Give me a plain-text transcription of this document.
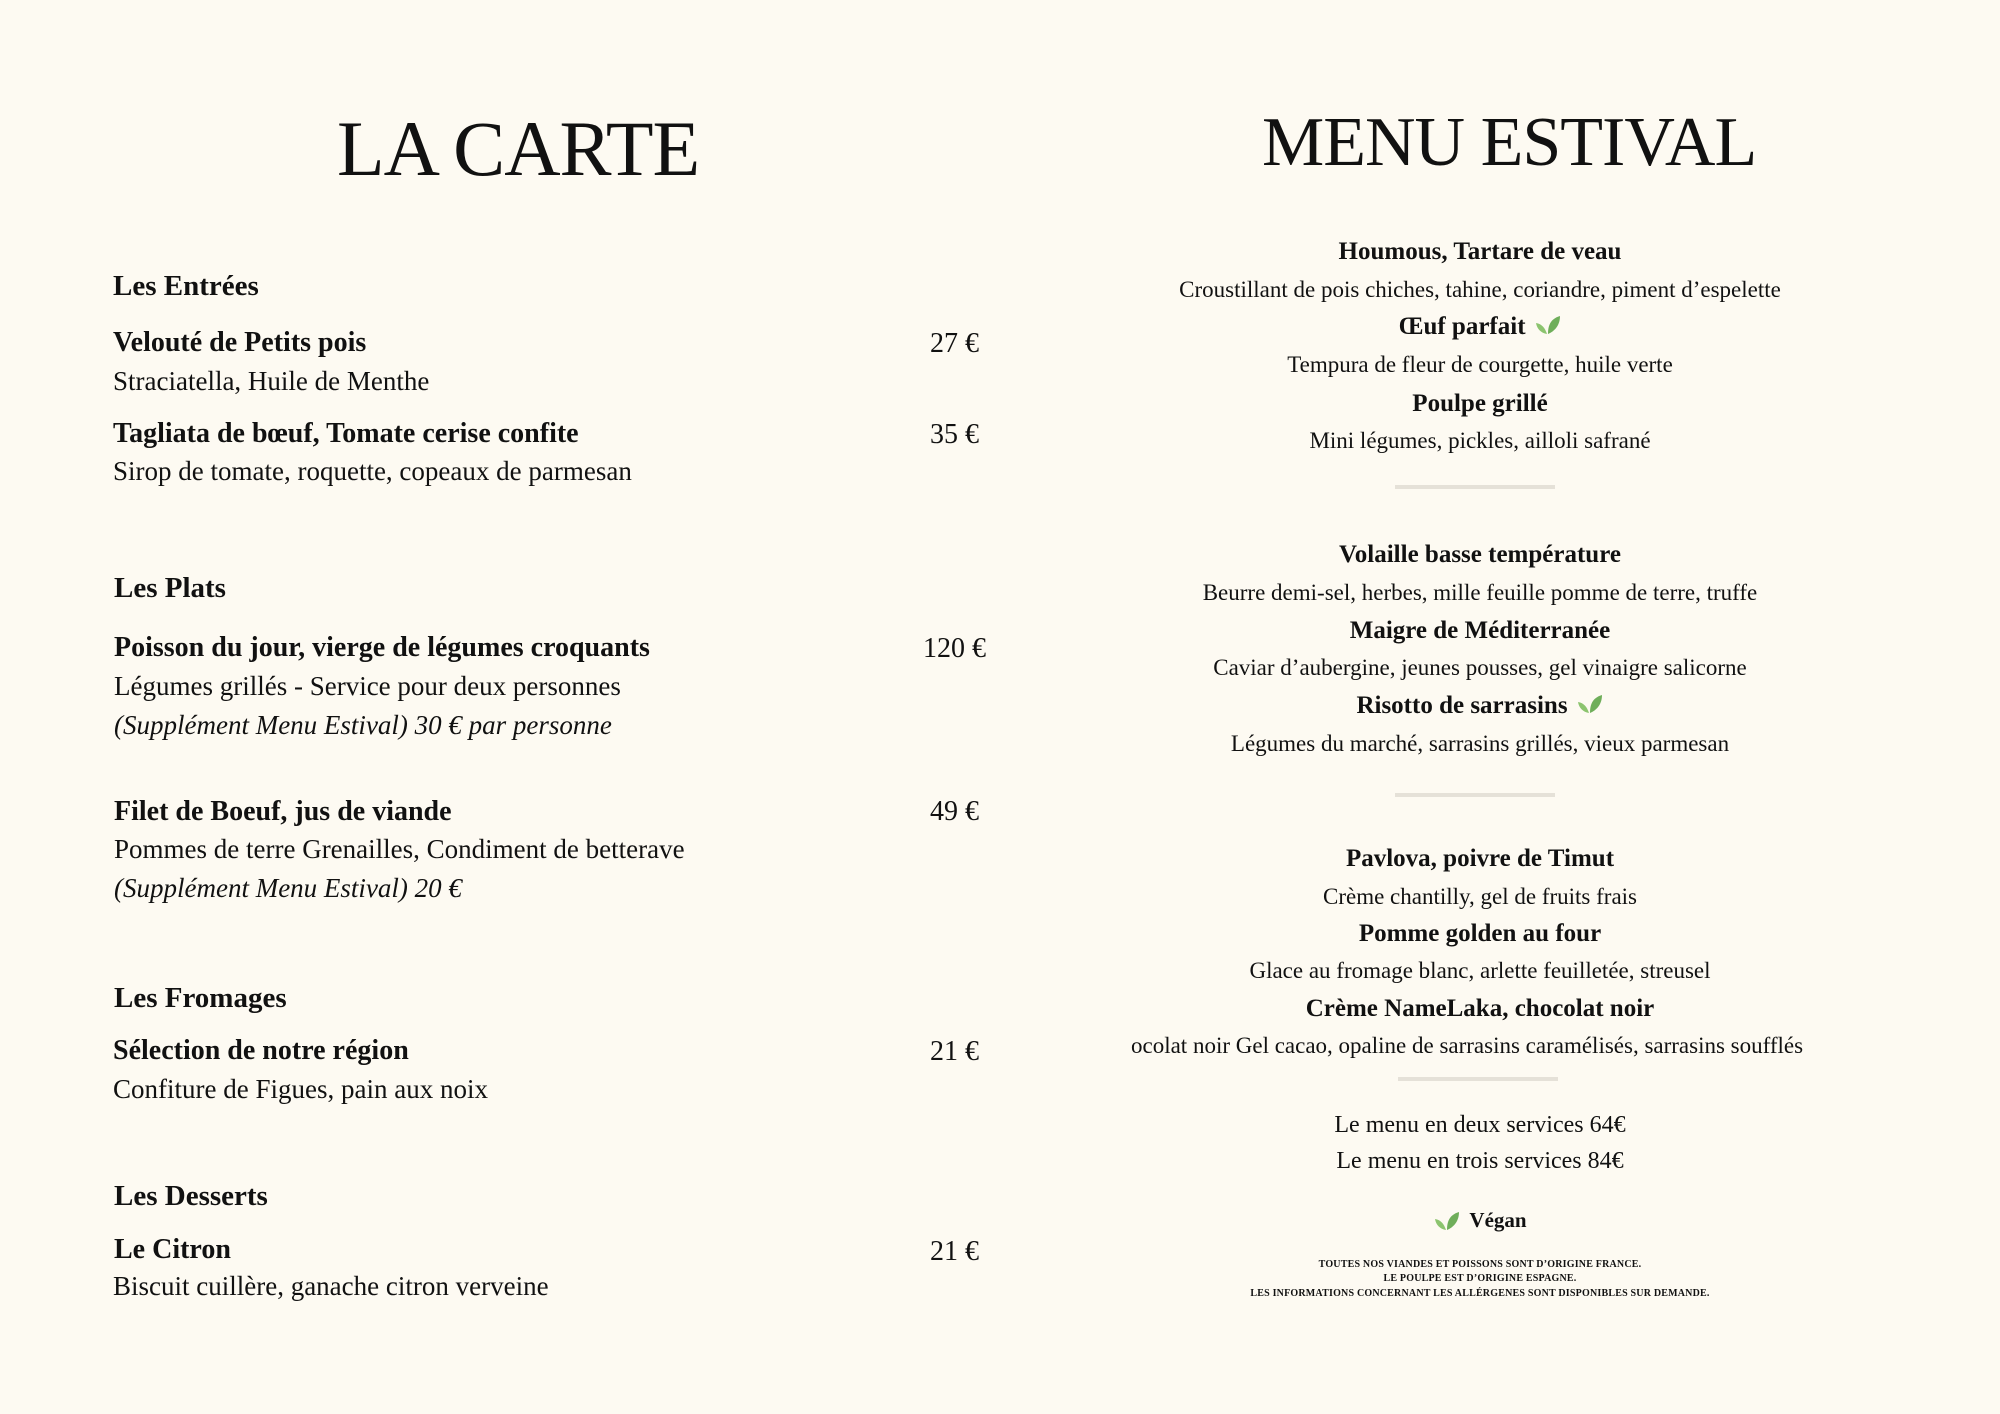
LA CARTE
Les Entrées
Velouté de Petits pois	27 €
Straciatella, Huile de Menthe
Tagliata de bœuf, Tomate cerise confite	35 €
Sirop de tomate, roquette, copeaux de parmesan
Les Plats
Poisson du jour, vierge de légumes croquants	120 €
Légumes grillés - Service pour deux personnes
(Supplément Menu Estival) 30 € par personne
Filet de Boeuf, jus de viande	49 €
Pommes de terre Grenailles, Condiment de betterave
(Supplément Menu Estival) 20 €
Les Fromages
Sélection de notre région	21 €
Confiture de Figues, pain aux noix
Les Desserts
Le Citron	21 €
Biscuit cuillère, ganache citron verveine
MENU ESTIVAL
Houmous, Tartare de veau
Croustillant de pois chiches, tahine, coriandre, piment d’espelette
Œuf parfait
Tempura de fleur de courgette, huile verte
Poulpe grillé
Mini légumes, pickles, ailloli safrané
Volaille basse température
Beurre demi-sel, herbes, mille feuille pomme de terre, truffe
Maigre de Méditerranée
Caviar d’aubergine, jeunes pousses, gel vinaigre salicorne
Risotto de sarrasins
Légumes du marché, sarrasins grillés, vieux parmesan
Pavlova, poivre de Timut
Crème chantilly, gel de fruits frais
Pomme golden au four
Glace au fromage blanc, arlette feuilletée, streusel
Crème NameLaka, chocolat noir
ocolat noir Gel cacao, opaline de sarrasins caramélisés, sarrasins soufflés
Le menu en deux services 64€
Le menu en trois services 84€
Végan
TOUTES NOS VIANDES ET POISSONS SONT D’ORIGINE FRANCE.
LE POULPE EST D’ORIGINE ESPAGNE.
LES INFORMATIONS CONCERNANT LES ALLÉRGENES SONT DISPONIBLES SUR DEMANDE.
